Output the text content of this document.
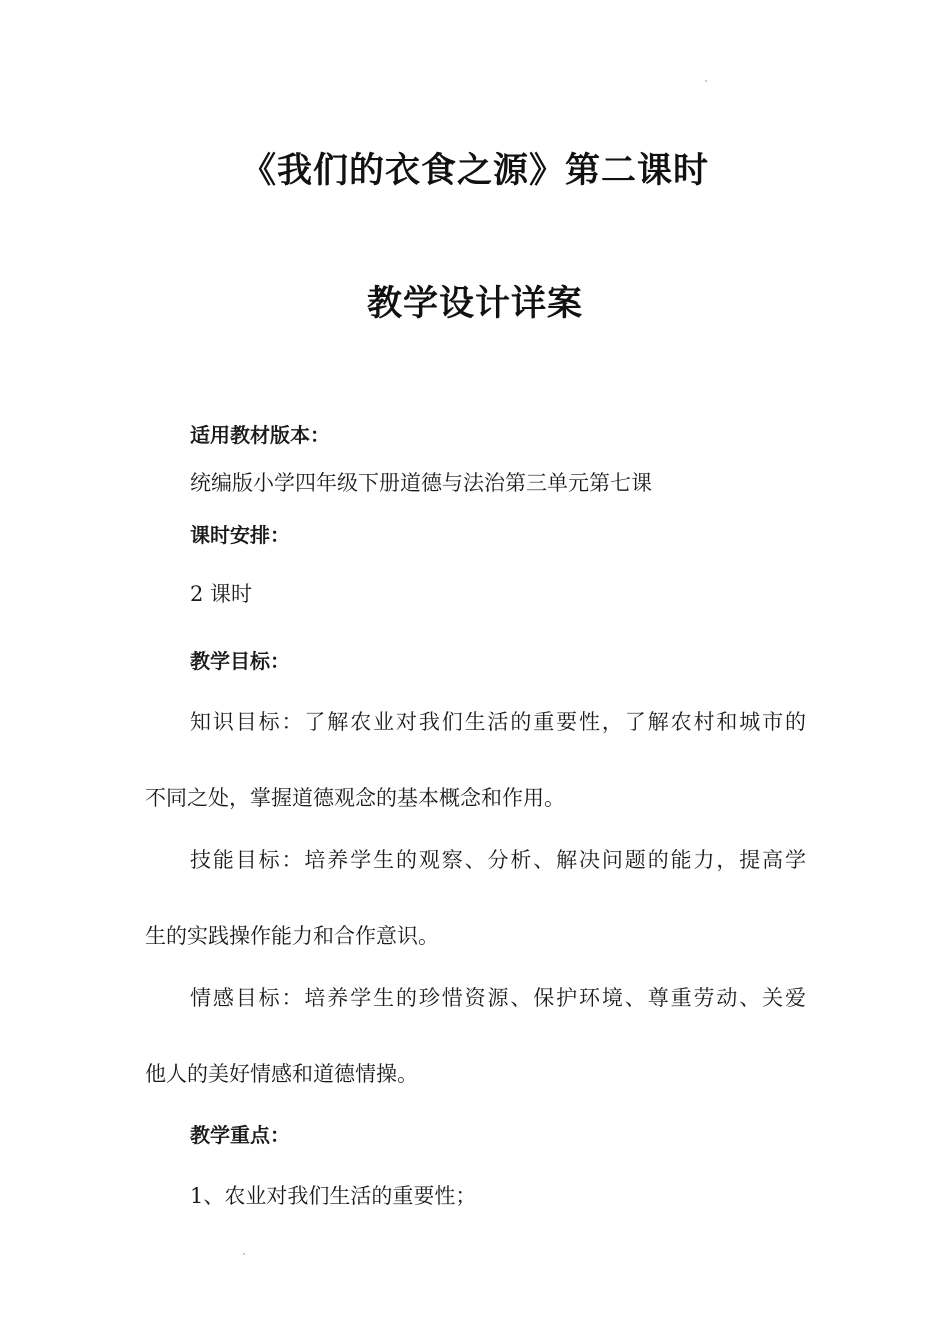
《我们的衣食之源》第二课时
教学设计详案
适用教材版本：
统编版小学四年级下册道德与法治第三单元第七课
课时安排：
2 课时
教学目标：
知识目标：了解农业对我们生活的重要性，了解农村和城市的
不同之处，掌握道德观念的基本概念和作用。
技能目标：培养学生的观察、分析、解决问题的能力，提高学
生的实践操作能力和合作意识。
情感目标：培养学生的珍惜资源、保护环境、尊重劳动、关爱
他人的美好情感和道德情操。
教学重点：
1、农业对我们生活的重要性；
